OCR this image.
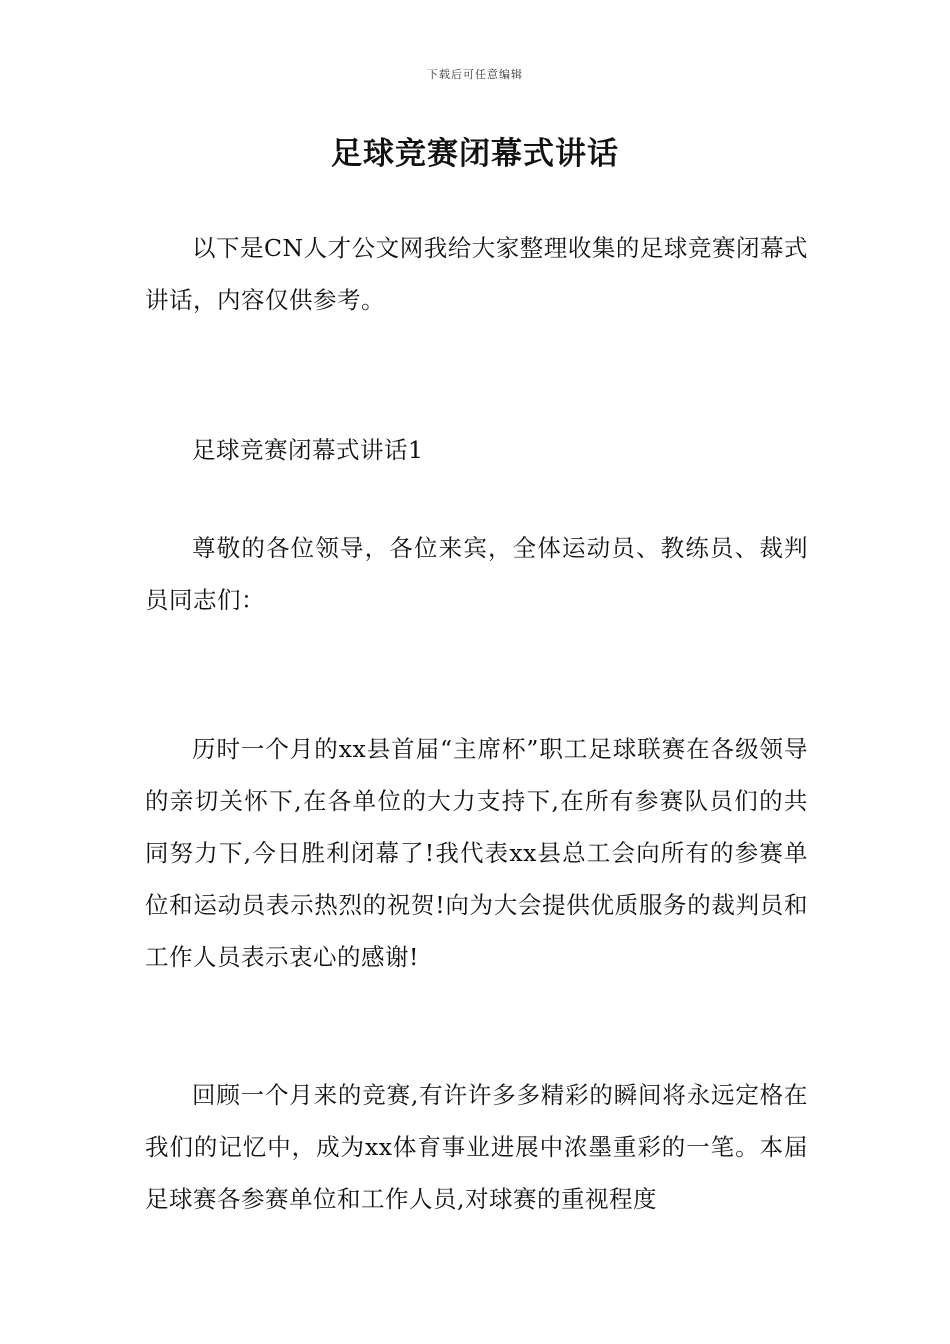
下载后可任意编辑
足球竞赛闭幕式讲话

以下是CN人才公文网我给大家整理收集的足球竞赛闭幕式讲话，内容仅供参考。

足球竞赛闭幕式讲话1

尊敬的各位领导，各位来宾，全体运动员、教练员、裁判员同志们：

历时一个月的xx县首届“主席杯”职工足球联赛在各级领导的亲切关怀下,在各单位的大力支持下,在所有参赛队员们的共同努力下,今日胜利闭幕了!我代表xx县总工会向所有的参赛单位和运动员表示热烈的祝贺!向为大会提供优质服务的裁判员和工作人员表示衷心的感谢!

回顾一个月来的竞赛,有许许多多精彩的瞬间将永远定格在我们的记忆中，成为xx体育事业进展中浓墨重彩的一笔。本届足球赛各参赛单位和工作人员,对球赛的重视程度
